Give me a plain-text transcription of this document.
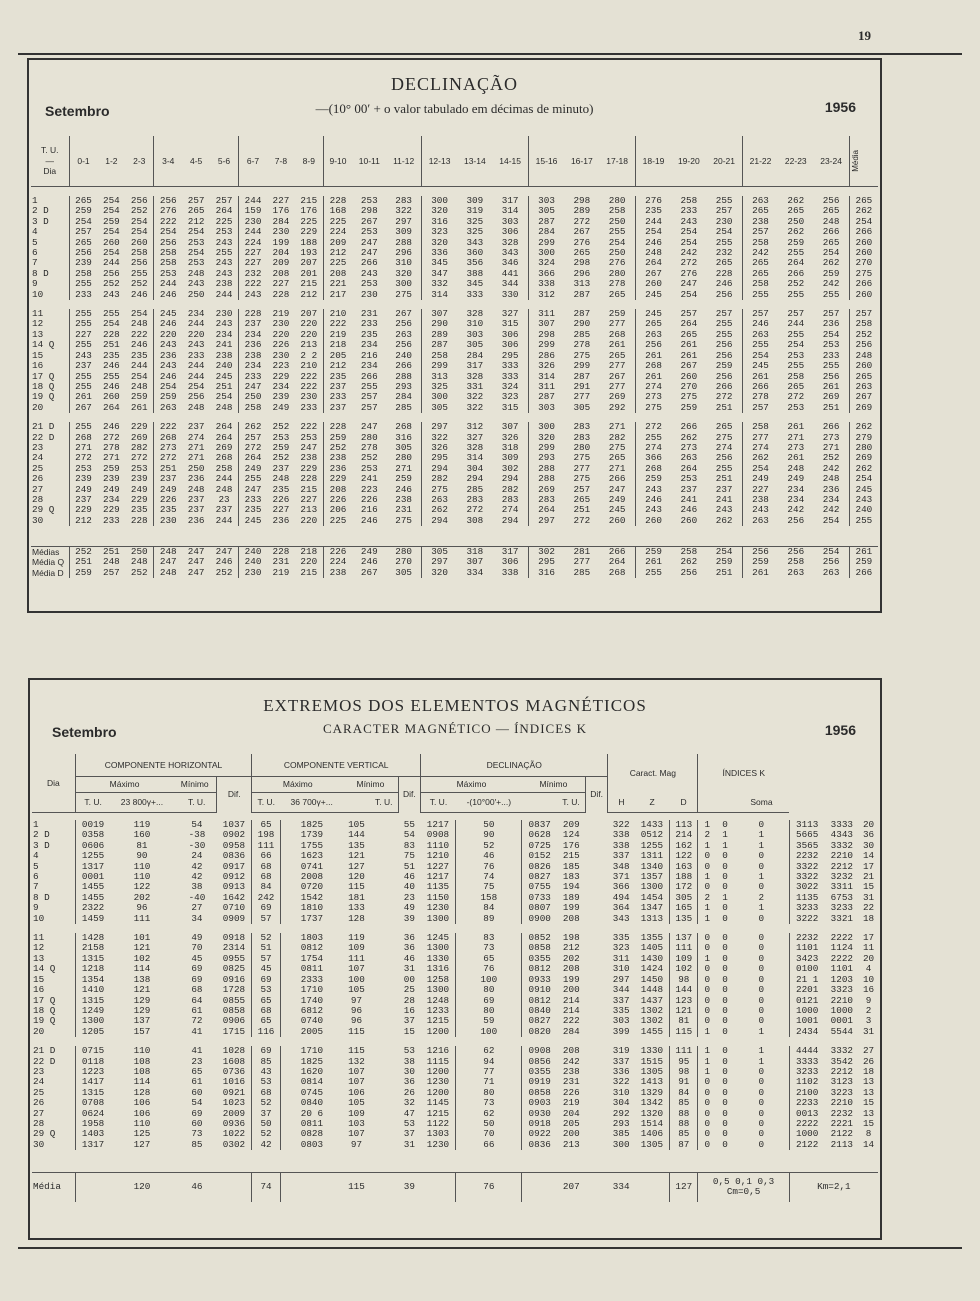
19
DECLINAÇÃO
Setembro	—(10° 00′ + o valor tabulado em décimas de minuto)	1956
T. U.
—
Dia	0-1	1-2	2-3	3-4	4-5	5-6	6-7	7-8	8-9	9-10	10-11	11-12	12-13	13-14	14-15	15-16	16-17	17-18	18-19	19-20	20-21	21-22	22-23	23-24	Média

1	265	254	256	256	257	257	244	227	215	228	253	283	300	309	317	303	298	280	276	258	255	263	262	256	265
2 D	259	254	252	276	265	264	159	176	176	168	298	322	320	319	314	305	289	258	235	233	257	265	265	265	262
3 D	254	259	254	222	212	225	230	284	225	225	267	297	316	325	303	287	272	250	244	243	230	238	250	248	254
4	257	254	254	254	254	253	244	230	229	224	253	309	323	325	306	284	267	255	254	254	254	257	262	266	266
5	265	260	260	256	253	243	224	199	188	209	247	288	320	343	328	299	276	254	246	254	255	258	259	265	260
6	256	254	258	258	254	255	227	204	193	212	247	296	336	360	343	300	265	250	248	242	232	242	255	254	260
7	239	244	256	258	253	243	227	209	207	225	266	310	345	356	346	324	298	276	264	272	265	265	264	262	270
8 D	258	256	255	253	248	243	232	208	201	208	243	320	347	388	441	366	296	280	267	276	228	265	266	259	275
9	255	252	252	244	243	238	222	227	215	221	253	300	332	345	344	338	313	278	260	247	246	258	252	242	266
10	233	243	246	246	250	244	243	228	212	217	230	275	314	333	330	312	287	265	245	254	256	255	255	255	260

11	255	255	254	245	234	230	228	219	207	210	231	267	307	328	327	311	287	259	245	257	257	257	257	257	257
12	255	254	248	246	244	243	237	230	220	222	233	256	290	310	315	307	290	277	265	264	255	246	244	236	258
13	227	228	222	220	220	234	234	220	220	219	235	263	289	303	306	298	285	268	263	265	255	263	255	254	252
14 Q	255	251	246	243	243	241	236	226	213	218	234	256	287	305	306	299	278	261	256	261	256	255	254	253	256
15	243	235	235	236	233	238	238	230	2 2	205	216	240	258	284	295	286	275	265	261	261	256	254	253	233	248
16	237	246	244	243	244	240	234	223	210	212	234	266	299	317	333	326	299	277	268	267	259	245	255	255	260
17 Q	255	255	254	246	244	245	233	229	222	235	266	288	313	328	333	314	287	267	261	260	256	261	258	256	265
18 Q	255	246	248	254	254	251	247	234	222	237	255	293	325	331	324	311	291	277	274	270	266	266	265	261	263
19 Q	261	260	259	259	256	254	250	239	230	233	257	284	300	322	323	287	277	269	273	275	272	278	272	269	267
20	267	264	261	263	248	248	258	249	233	237	257	285	305	322	315	303	305	292	275	259	251	257	253	251	269

21 D	255	246	229	222	237	264	262	252	222	228	247	268	297	312	307	300	283	271	272	266	265	258	261	266	262
22 D	268	272	269	268	274	264	257	253	253	259	280	316	322	327	326	320	283	282	255	262	275	277	271	273	279
23	271	278	282	273	271	269	272	259	247	252	278	305	326	328	318	299	280	275	274	273	274	274	273	271	280
24	272	271	272	272	271	268	264	252	238	238	252	280	295	314	309	293	275	265	366	263	256	262	261	252	269
25	253	259	253	251	250	258	249	237	229	236	253	271	294	304	302	288	277	271	268	264	255	254	248	242	262
26	239	239	239	237	236	244	255	248	228	229	241	259	282	294	294	288	275	266	259	253	251	249	249	248	254
27	249	249	249	249	248	248	247	235	215	208	223	246	275	285	282	269	257	247	243	237	237	227	234	236	245
28	237	234	229	226	237	23	233	226	227	226	226	238	263	283	283	283	265	249	246	241	241	238	234	234	243
29 Q	229	229	235	235	237	237	235	227	213	206	216	231	262	272	274	264	251	245	243	246	243	243	242	242	240
30	212	233	228	230	236	244	245	236	220	225	246	275	294	308	294	297	272	260	260	260	262	263	256	254	255

Médias	252	251	250	248	247	247	240	228	218	226	249	280	305	318	317	302	281	266	259	258	254	256	256	254	261
Média Q	251	248	248	247	247	246	240	231	220	224	246	270	297	307	306	295	277	264	261	262	259	259	258	256	259
Média D	259	257	252	248	247	252	230	219	215	238	267	305	320	334	338	316	285	268	255	256	251	261	263	263	266
EXTREMOS DOS ELEMENTOS MAGNÉTICOS
Setembro	CARACTER MAGNÉTICO — ÍNDICES K	1956
Dia	COMPONENTE HORIZONTAL					COMPONENTE VERTICAL					DECLINAÇÃO					Caract. Mag			ÍNDICES K					
	Máximo		Mínimo		Dif.	Máximo		Mínimo		Dif.	Máximo		Mínimo		Dif.									
	T. U.	23 800γ+...		T. U.		T. U.	36 700γ+...		T. U.		T. U.	-(10°00′+...)		T. U.		H	Z	D			Soma			

1	0019	119		54	1037	65	1825	105		55	1217	50	0837	209		322	1433	113	1	0	0	3113	3333	20
2 D	0358	160		-38	0902	198	1739	144		54	0908	90	0628	124		338	0512	214	2	1	1	5665	4343	36
3 D	0606	81		-30	0958	111	1755	135		83	1110	52	0725	176		338	1255	162	1	1	1	3565	3332	30
4	1255	90		24	0836	66	1623	121		75	1210	46	0152	215		337	1311	122	0	0	0	2232	2210	14
5	1317	110		42	0917	68	0741	127		51	1227	76	0826	185		348	1340	163	0	0	0	3322	2212	17
6	0001	110		42	0912	68	2008	120		46	1217	74	0827	183		371	1357	188	1	0	1	3322	3232	21
7	1455	122		38	0913	84	0720	115		40	1135	75	0755	194		366	1300	172	0	0	0	3022	3311	15
8 D	1455	202		-40	1642	242	1542	181		23	1150	158	0733	189		494	1454	305	2	1	2	1135	6753	31
9	2322	96		27	0710	69	1810	133		49	1230	84	0807	199		364	1347	165	1	0	1	3233	3233	22
10	1459	111		34	0909	57	1737	128		39	1300	89	0900	208		343	1313	135	1	0	0	3222	3321	18

11	1428	101		49	0918	52	1803	119		36	1245	83	0852	198		335	1355	137	0	0	0	2232	2222	17
12	2158	121		70	2314	51	0812	109		36	1300	73	0858	212		323	1405	111	0	0	0	1101	1124	11
13	1315	102		45	0955	57	1754	111		46	1330	65	0355	202		311	1430	109	1	0	0	3423	2222	20
14 Q	1218	114		69	0825	45	0811	107		31	1316	76	0812	208		310	1424	102	0	0	0	0100	1101	4
15	1354	138		69	0916	69	2333	100		00	1258	100	0933	199		297	1450	98	0	0	0	21 1	1203	10
16	1410	121		68	1728	53	1710	105		25	1300	80	0910	200		344	1448	144	0	0	0	2201	3323	16
17 Q	1315	129		64	0855	65	1740	97		28	1248	69	0812	214		337	1437	123	0	0	0	0121	2210	9
18 Q	1249	129		61	0858	68	6812	96		16	1233	80	0840	214		335	1302	121	0	0	0	1000	1000	2
19 Q	1300	137		72	0906	65	0740	96		37	1215	59	0827	222		303	1302	81	0	0	0	1001	0001	3
20	1205	157		41	1715	116	2005	115		15	1200	100	0820	284		399	1455	115	1	0	1	2434	5544	31

21 D	0715	110		41	1028	69	1710	115		53	1216	62	0908	208		319	1330	111	1	0	1	4444	3332	27
22 D	0118	108		23	1608	85	1825	132		38	1115	94	0856	242		337	1515	95	1	0	1	3333	3542	26
23	1223	108		65	0736	43	1620	107		30	1200	77	0355	238		336	1305	98	1	0	0	3233	2212	18
24	1417	114		61	1016	53	0814	107		36	1230	71	0919	231		322	1413	91	0	0	0	1102	3123	13
25	1315	128		60	0921	68	0745	106		26	1200	80	0858	226		310	1329	84	0	0	0	2100	3223	13
26	0708	106		54	1023	52	0840	105		32	1145	73	0903	219		304	1342	85	0	0	0	2233	2210	15
27	0624	106		69	2009	37	20 6	109		47	1215	62	0930	204		292	1320	88	0	0	0	0013	2232	13
28	1958	110		60	0936	50	0811	103		53	1122	50	0918	205		293	1514	88	0	0	0	2222	2221	15
29 Q	1403	125		73	1022	52	0828	107		37	1303	70	0922	200		385	1406	85	0	0	0	1000	2122	8
30	1317	127		85	0302	42	0803	97		31	1230	66	0836	213		300	1305	87	0	0	0	2122	2113	14

Média		120		46		74		115		39		76		207		334		127	0,5 0,1 0,3
Cm=0,5			Km=2,1		
